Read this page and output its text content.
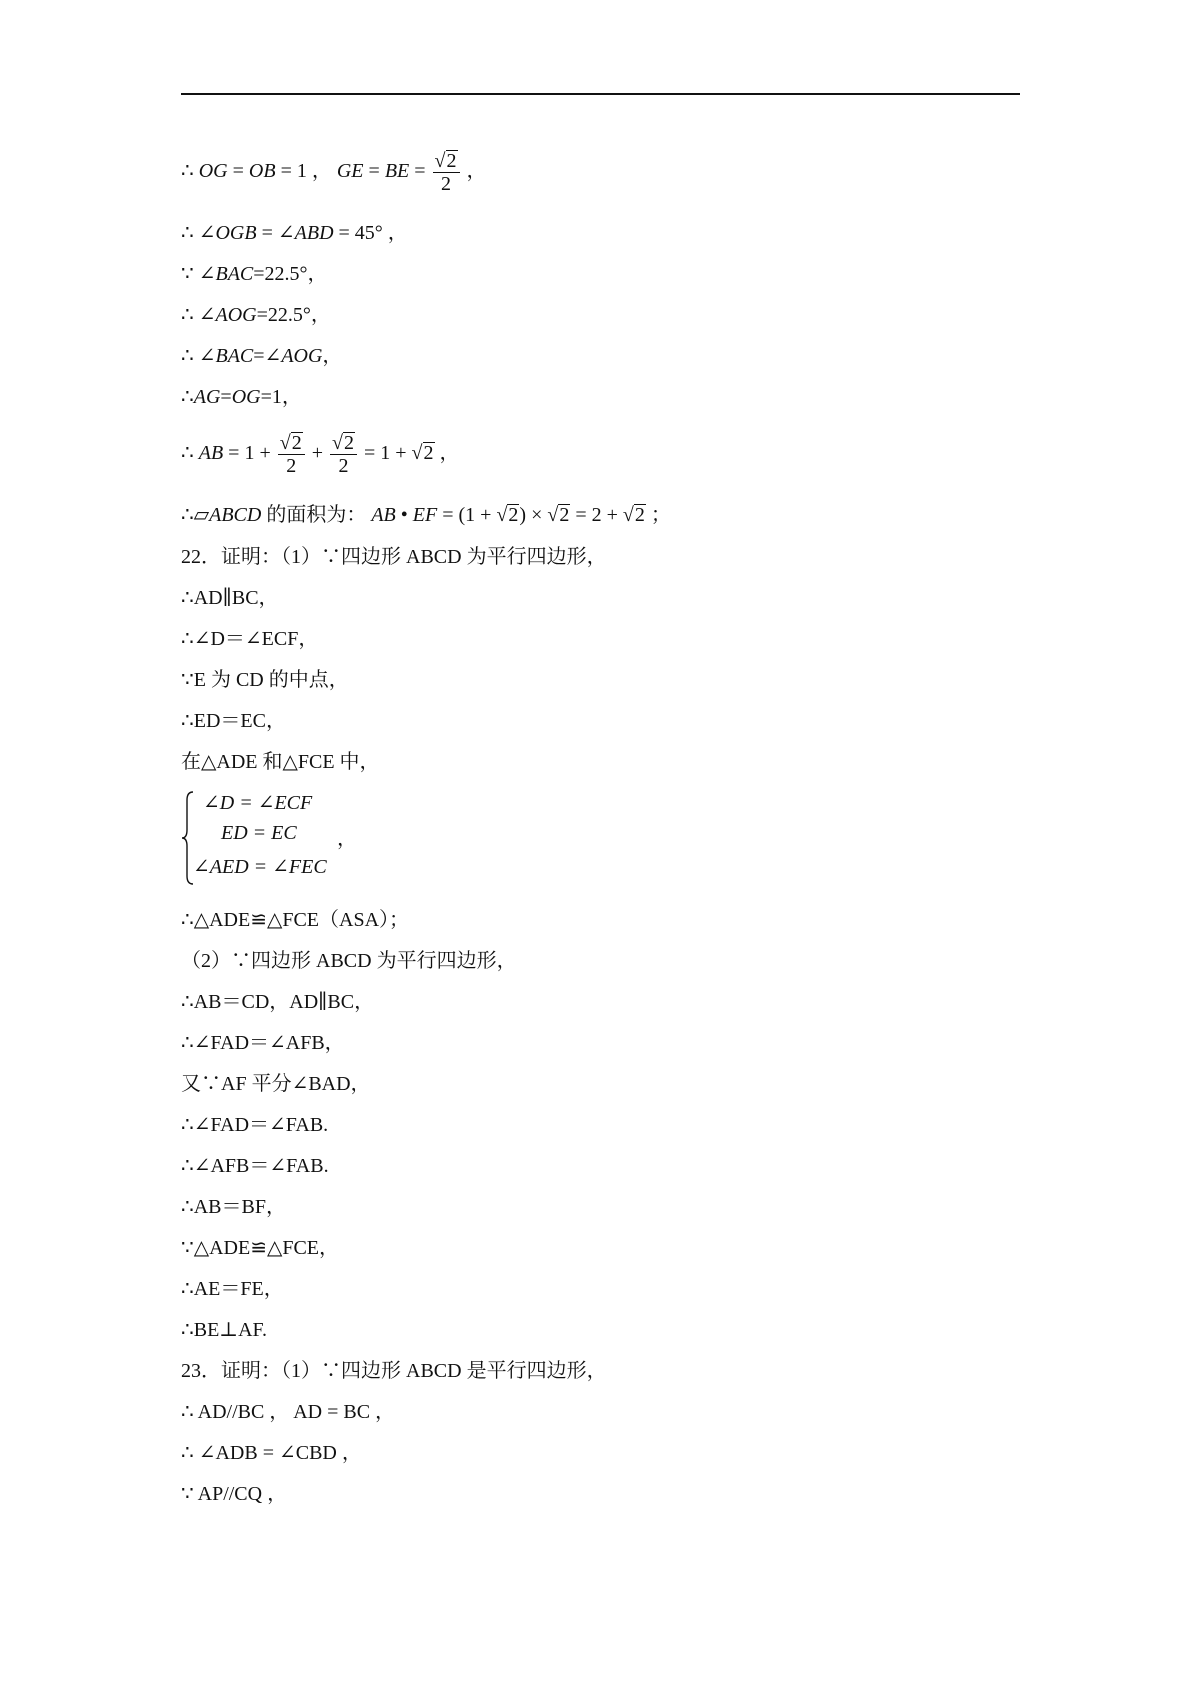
∴ OG = OB = 1 ， GE = BE = $\frac{√2}{2}$ ，
∴ ∠OGB = ∠ABD = 45° ，
∵ ∠BAC=22.5°，
∴ ∠AOG=22.5°，
∴ ∠BAC=∠AOG，
∴AG=OG=1，
∴ AB = $1 + \frac{√2}{2} + \frac{√2}{2} = 1 + √2$ ，
∴▱ABCD 的面积为： AB • EF = (1 + √2) × √2 = 2 + √2 ；
22．证明：（1）∵四边形 ABCD 为平行四边形，
∴AD∥BC，
∴∠D＝∠ECF，
∵E 为 CD 的中点，
∴ED＝EC，
在△ADE 和△FCE 中，
∠D = ∠ECF
ED = EC
∠AED = ∠FEC
，
∴△ADE≌△FCE（ASA）；
（2）∵四边形 ABCD 为平行四边形，
∴AB＝CD，AD∥BC，
∴∠FAD＝∠AFB，
又∵AF 平分∠BAD，
∴∠FAD＝∠FAB.
∴∠AFB＝∠FAB.
∴AB＝BF，
∵△ADE≌△FCE，
∴AE＝FE，
∴BE⊥AF.
23．证明：（1）∵四边形 ABCD 是平行四边形，
∴ AD//BC ， AD = BC ，
∴ ∠ADB = ∠CBD ，
∵ AP//CQ ，
